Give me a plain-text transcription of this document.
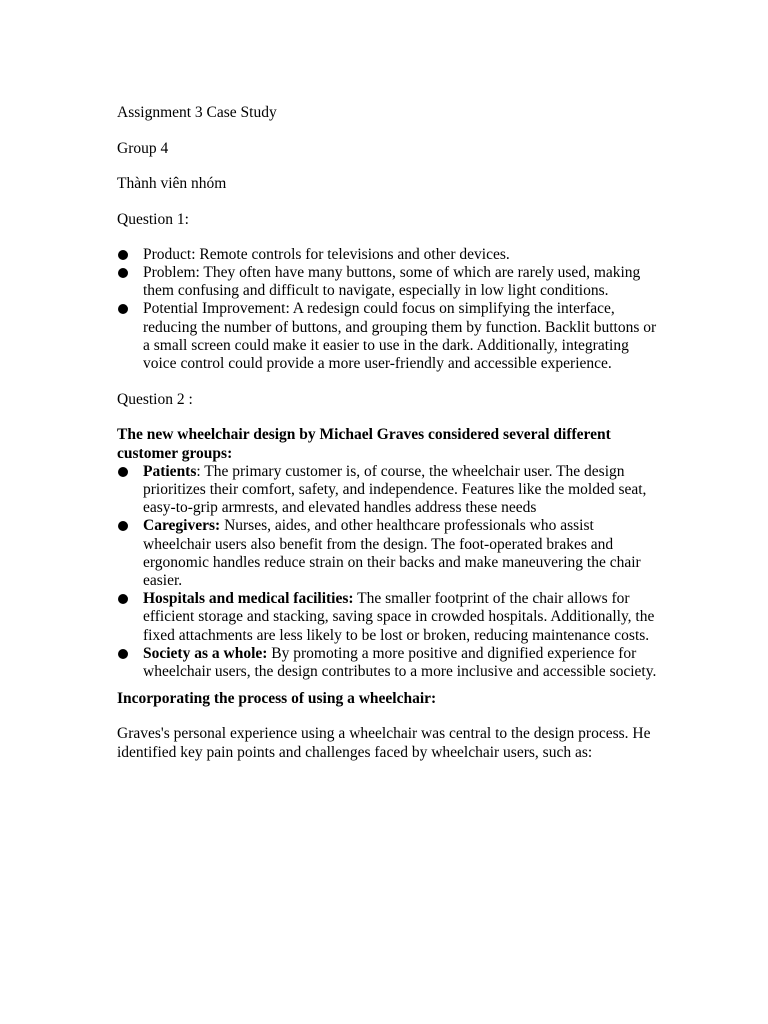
Assignment 3 Case Study

Group 4

Thành viên nhóm

Question 1:

Product: Remote controls for televisions and other devices.
Problem: They often have many buttons, some of which are rarely used, making them confusing and difficult to navigate, especially in low light conditions.
Potential Improvement: A redesign could focus on simplifying the interface, reducing the number of buttons, and grouping them by function. Backlit buttons or a small screen could make it easier to use in the dark. Additionally, integrating voice control could provide a more user-friendly and accessible experience.

Question 2 :

The new wheelchair design by Michael Graves considered several different customer groups:

Patients: The primary customer is, of course, the wheelchair user. The design prioritizes their comfort, safety, and independence. Features like the molded seat, easy-to-grip armrests, and elevated handles address these needs
Caregivers: Nurses, aides, and other healthcare professionals who assist wheelchair users also benefit from the design. The foot-operated brakes and ergonomic handles reduce strain on their backs and make maneuvering the chair easier.
Hospitals and medical facilities: The smaller footprint of the chair allows for efficient storage and stacking, saving space in crowded hospitals. Additionally, the fixed attachments are less likely to be lost or broken, reducing maintenance costs.
Society as a whole: By promoting a more positive and dignified experience for wheelchair users, the design contributes to a more inclusive and accessible society.

Incorporating the process of using a wheelchair:

Graves's personal experience using a wheelchair was central to the design process. He identified key pain points and challenges faced by wheelchair users, such as:
